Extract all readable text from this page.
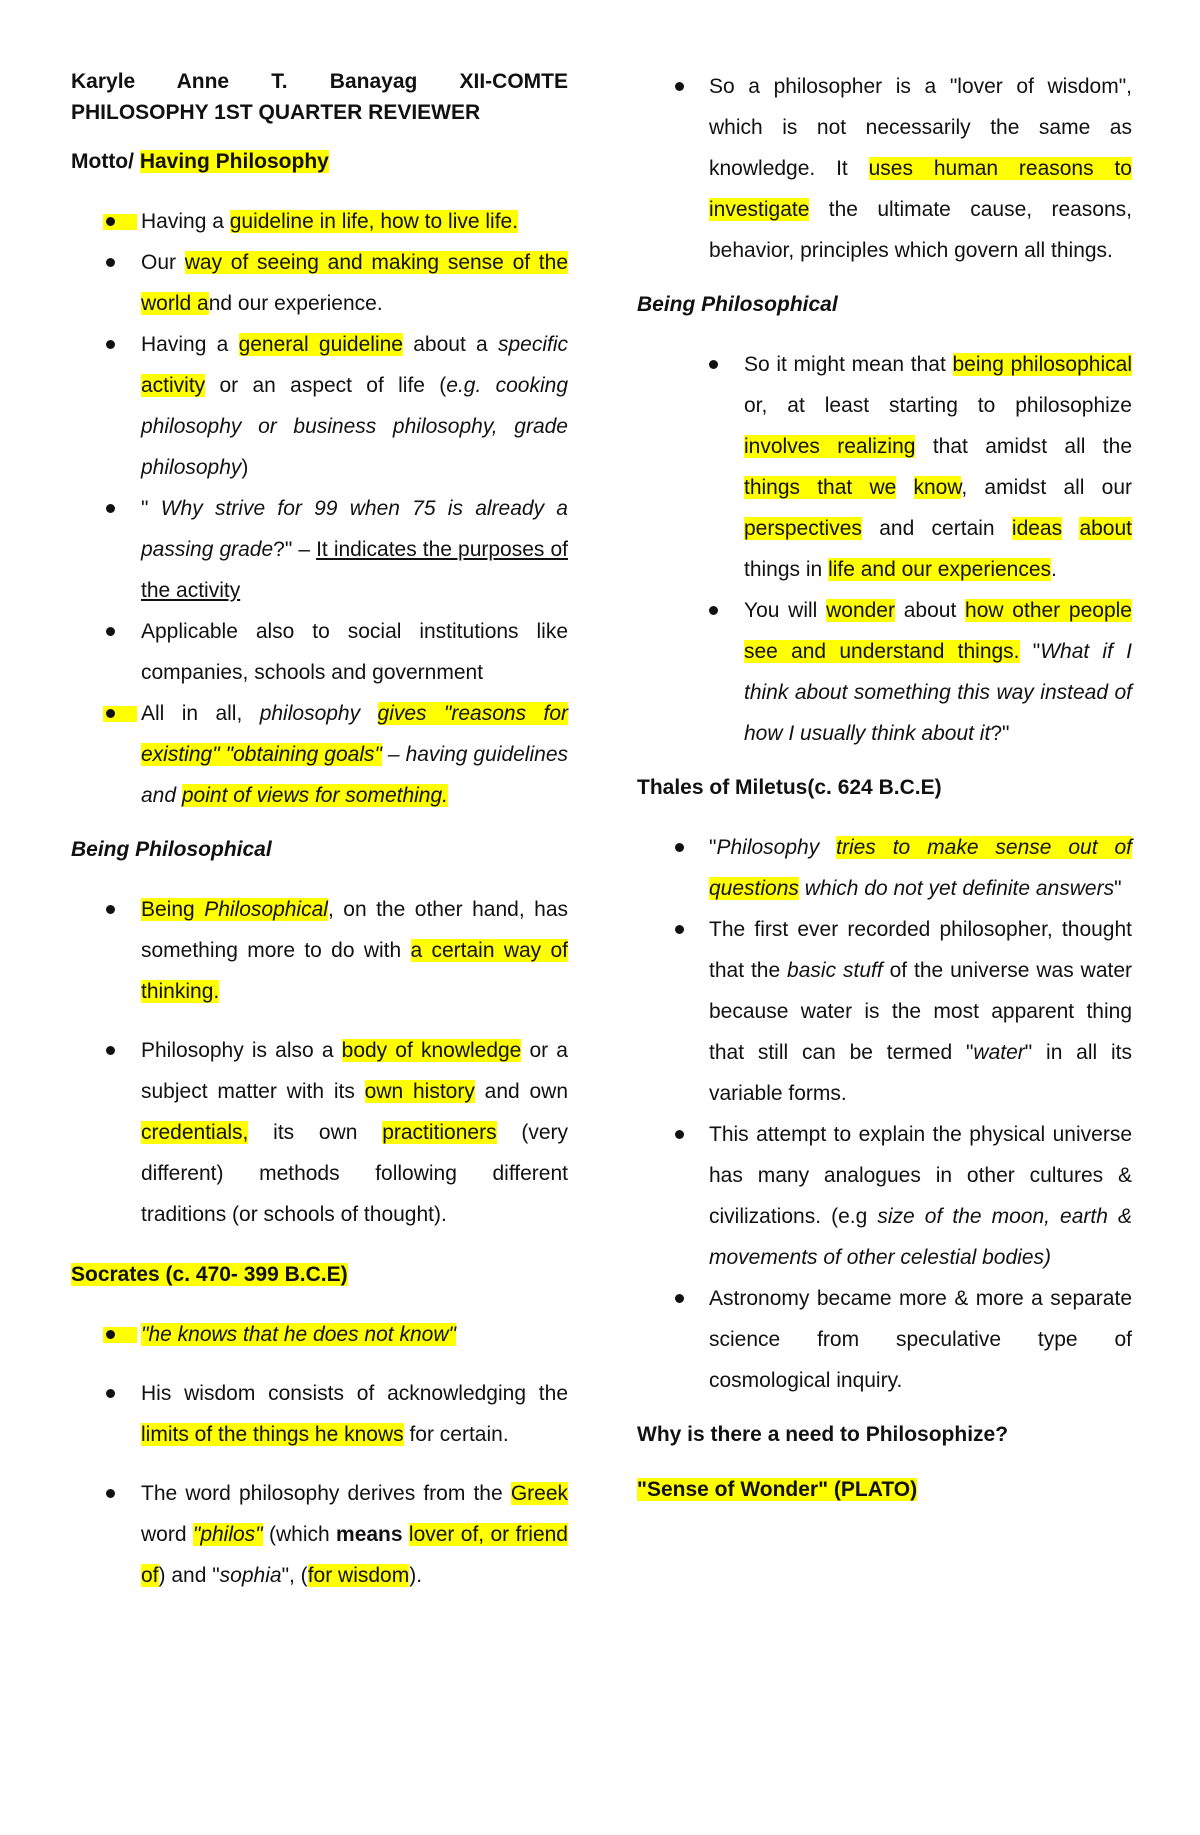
Karyle Anne T. Banayag XII-COMTE

PHILOSOPHY 1ST QUARTER REVIEWER

Motto/ Having Philosophy

Having a guideline in life, how to live life.
Our way of seeing and making sense of the world and our experience.
Having a general guideline about a specific activity or an aspect of life (e.g. cooking philosophy or business philosophy, grade philosophy)
" Why strive for 99 when 75 is already a passing grade?" – It indicates the purposes of the activity
Applicable also to social institutions like companies, schools and government
All in all, philosophy gives "reasons for existing" "obtaining goals" – having guidelines and point of views for something.

Being Philosophical

Being Philosophical, on the other hand, has something more to do with a certain way of thinking.
Philosophy is also a body of knowledge or a subject matter with its own history and own credentials, its own practitioners (very different) methods following different traditions (or schools of thought).

Socrates (c. 470- 399 B.C.E)

"he knows that he does not know"
His wisdom consists of acknowledging the limits of the things he knows for certain.
The word philosophy derives from the Greek word "philos" (which means lover of, or friend of) and "sophia", (for wisdom).
So a philosopher is a "lover of wisdom", which is not necessarily the same as knowledge. It uses human reasons to investigate the ultimate cause, reasons, behavior, principles which govern all things.

Being Philosophical

So it might mean that being philosophical or, at least starting to philosophize involves realizing that amidst all the things that we know, amidst all our perspectives and certain ideas about things in life and our experiences.
You will wonder about how other people see and understand things. "What if I think about something this way instead of how I usually think about it?"

Thales of Miletus(c. 624 B.C.E)

"Philosophy tries to make sense out of questions which do not yet definite answers"
The first ever recorded philosopher, thought that the basic stuff of the universe was water because water is the most apparent thing that still can be termed "water" in all its variable forms.
This attempt to explain the physical universe has many analogues in other cultures & civilizations. (e.g size of the moon, earth & movements of other celestial bodies)
Astronomy became more & more a separate science from speculative type of cosmological inquiry.

Why is there a need to Philosophize?

"Sense of Wonder" (PLATO)
